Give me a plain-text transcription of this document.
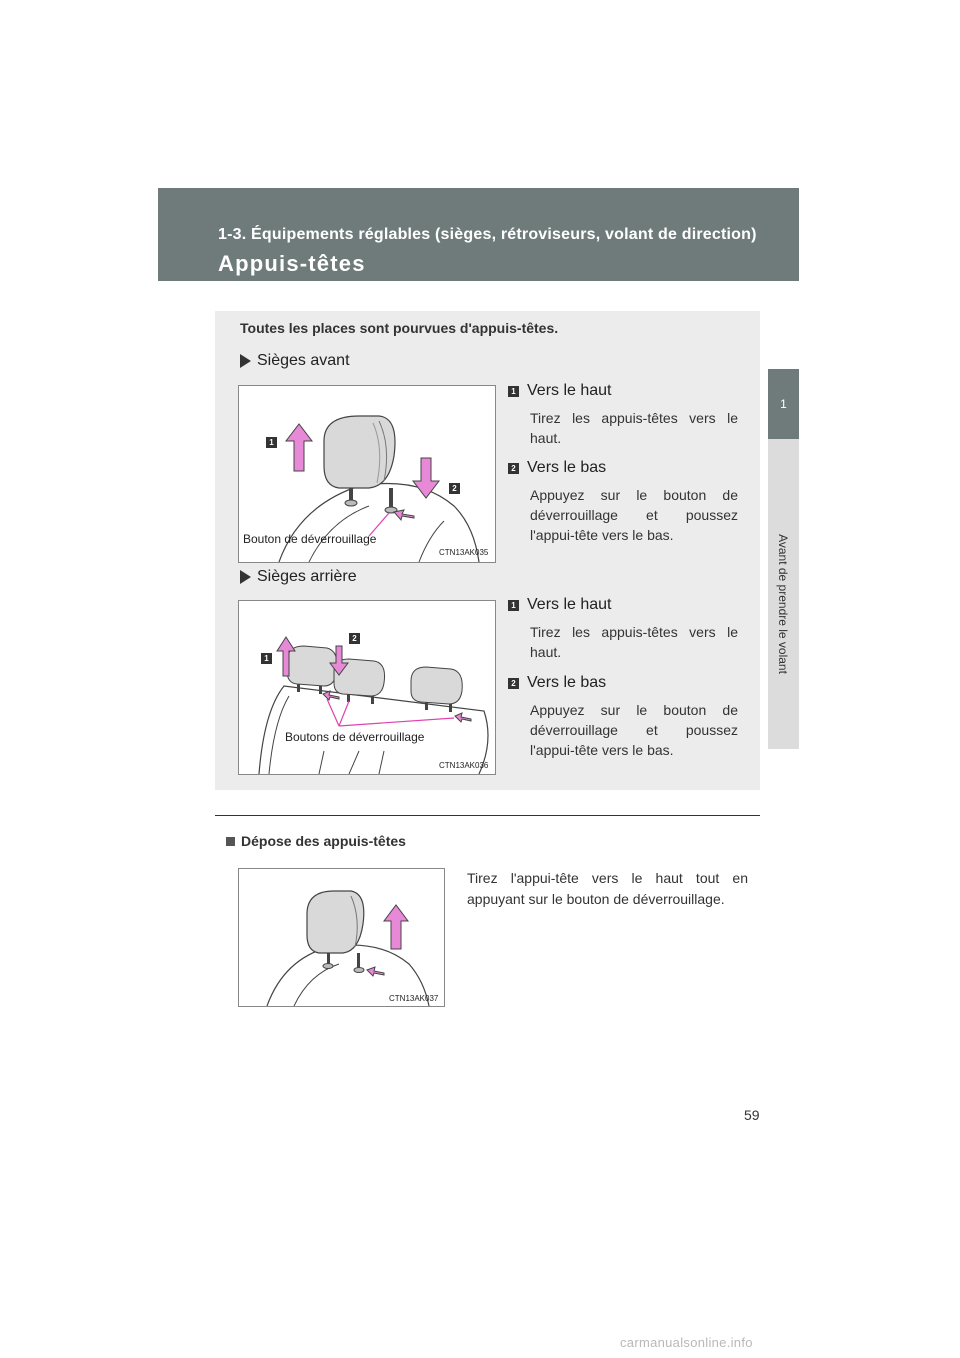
1-3. Équipements réglables (sièges, rétroviseurs, volant de direction)
Appuis-têtes
1
Avant de prendre le volant
Toutes les places sont pourvues d'appuis-têtes.
Sièges avant
1
2
Bouton de déverrouillage
CTN13AK035
1 Vers le haut
Tirez les appuis-têtes vers le haut.
2 Vers le bas
Appuyez sur le bouton de déverrouillage et poussez l'appui-tête vers le bas.
Sièges arrière
1
2
Boutons de déverrouillage
CTN13AK036
1 Vers le haut
Tirez les appuis-têtes vers le haut.
2 Vers le bas
Appuyez sur le bouton de déverrouillage et poussez l'appui-tête vers le bas.
Dépose des appuis-têtes
CTN13AK037
Tirez l'appui-tête vers le haut tout en appuyant sur le bouton de déverrouillage.
59
carmanualsonline.info
